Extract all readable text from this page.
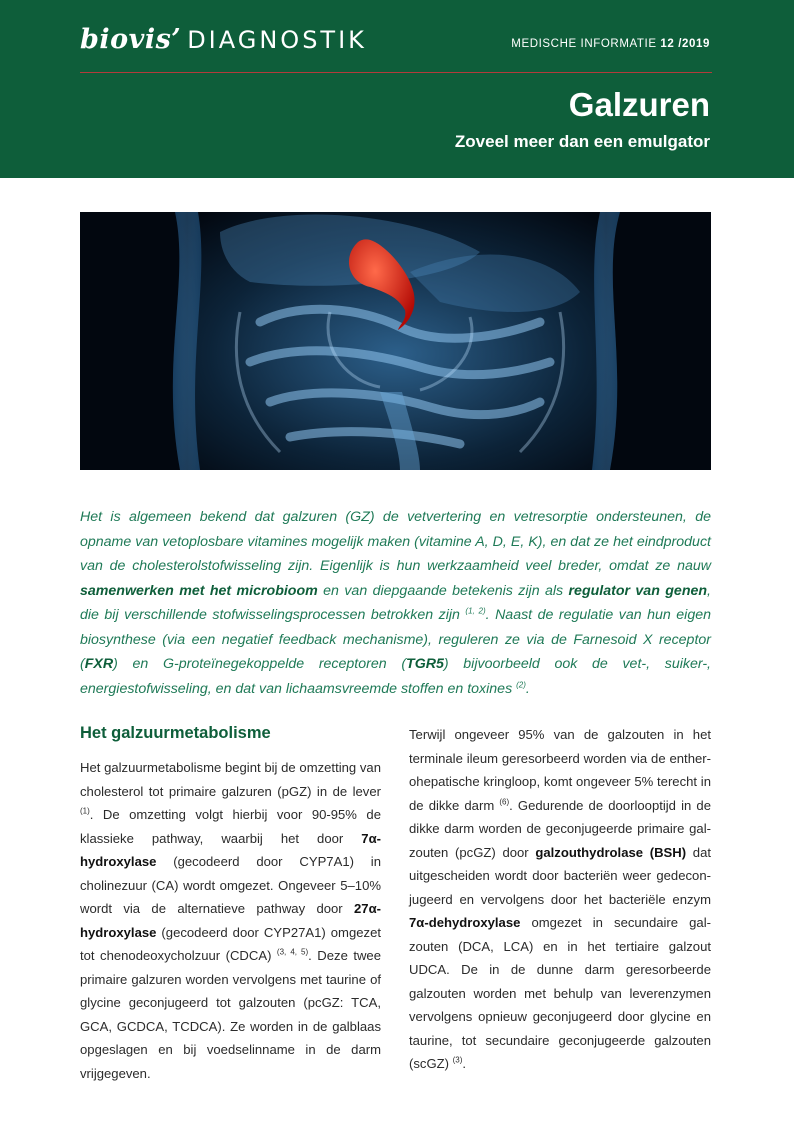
biovis’ DIAGNOSTIK	MEDISCHE INFORMATIE 12 /2019
Galzuren
Zoveel meer dan een emulgator

Het is algemeen bekend dat galzuren (GZ) de vetvertering en vetresorptie ondersteunen, de opname van vetoplosbare vitamines mogelijk maken (vitamine A, D, E, K), en dat ze het eindproduct van de cholesterolstofwisseling zijn. Eigenlijk is hun werkzaamheid veel breder, omdat ze nauw samenwerken met het microbioom en van diepgaande betekenis zijn als regulator van genen, die bij verschillende stofwisselingsprocessen betrokken zijn $^{(1, 2)}$. Naast de regulatie van hun eigen biosynthese (via een negatief feedback mechanisme), reguleren ze via de Farnesoid X receptor (FXR) en G-proteïnegekoppelde receptoren (TGR5) bijvoorbeeld ook de vet-, suiker-, energiestofwisseling, en dat van lichaamsvreemde stoffen en toxines $^{(2)}$.

Het galzuurmetabolisme

Het galzuurmetabolisme begint bij de omzetting van cholesterol tot primaire galzuren (pGZ) in de lever $^{(1)}$. De omzetting volgt hierbij voor 90-95% de klassieke pathway, waarbij het door 7α-hydroxylase (gecodeerd door CYP7A1) in cholinezuur (CA) wordt omgezet. Ongeveer 5–10% wordt via de alternatieve pathway door 27α-hydroxylase (gecodeerd door CYP27A1) omgezet tot chenodeoxycholzuur (CDCA) $^{(3, 4, 5)}$. Deze twee primaire galzuren worden vervolgens met taurine of glycine geconjugeerd tot galzouten (pcGZ: TCA, GCA, GCDCA, TCDCA). Ze worden in de galblaas opgeslagen en bij voedselinname in de darm vrijgegeven.

Terwijl ongeveer 95% van de galzouten in het terminale ileum geresorbeerd worden via de entherohepatische kringloop, komt ongeveer 5% terecht in de dikke darm $^{(6)}$. Gedurende de doorlooptijd in de dikke darm worden de geconjugeerde primaire galzouten (pcGZ) door galzouthydrolase (BSH) dat uitgescheiden wordt door bacteriën weer gedeconjugeerd en vervolgens door het bacteriële enzym 7α-dehydroxylase omgezet in secundaire galzouten (DCA, LCA) en in het tertiaire galzout UDCA. De in de dunne darm geresorbeerde galzouten worden met behulp van leverenzymen vervolgens opnieuw geconjugeerd door glycine en taurine, tot secundaire geconjugeerde galzouten (scGZ) $^{(3)}$.
